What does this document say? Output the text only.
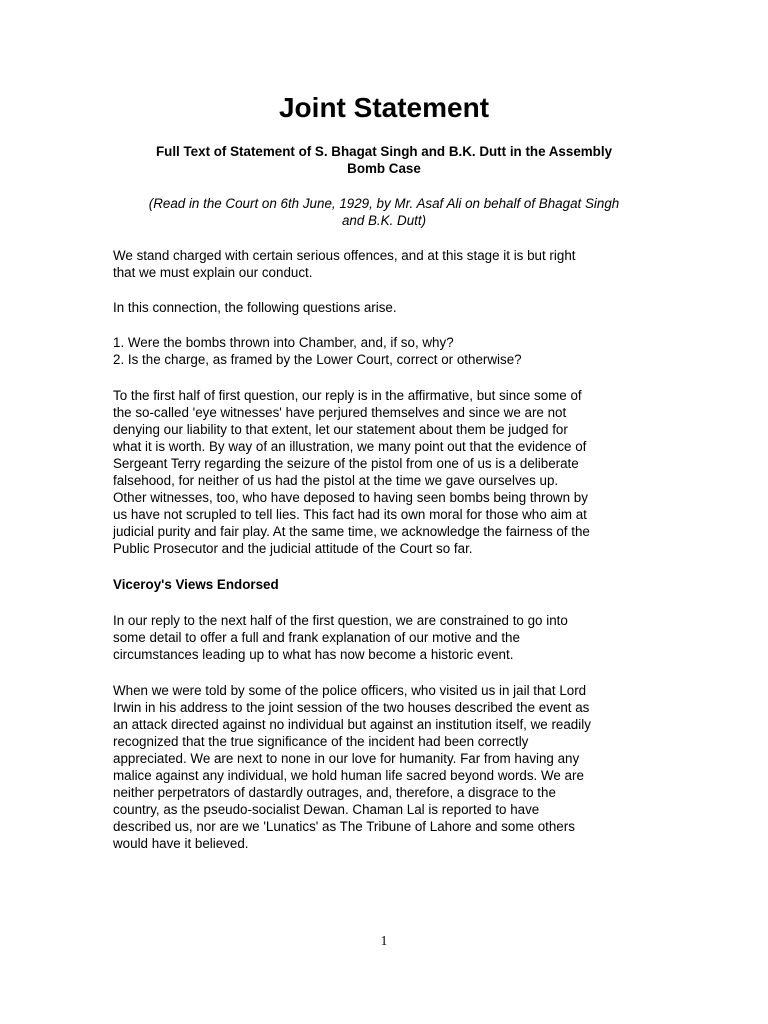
Joint Statement

Full Text of Statement of S. Bhagat Singh and B.K. Dutt in the Assembly
Bomb Case

(Read in the Court on 6th June, 1929, by Mr. Asaf Ali on behalf of Bhagat Singh
and B.K. Dutt)

We stand charged with certain serious offences, and at this stage it is but right
that we must explain our conduct.

In this connection, the following questions arise.

1. Were the bombs thrown into Chamber, and, if so, why?
2. Is the charge, as framed by the Lower Court, correct or otherwise?

To the first half of first question, our reply is in the affirmative, but since some of
the so-called 'eye witnesses' have perjured themselves and since we are not
denying our liability to that extent, let our statement about them be judged for
what it is worth. By way of an illustration, we many point out that the evidence of
Sergeant Terry regarding the seizure of the pistol from one of us is a deliberate
falsehood, for neither of us had the pistol at the time we gave ourselves up.
Other witnesses, too, who have deposed to having seen bombs being thrown by
us have not scrupled to tell lies. This fact had its own moral for those who aim at
judicial purity and fair play. At the same time, we acknowledge the fairness of the
Public Prosecutor and the judicial attitude of the Court so far.

Viceroy's Views Endorsed

In our reply to the next half of the first question, we are constrained to go into
some detail to offer a full and frank explanation of our motive and the
circumstances leading up to what has now become a historic event.

When we were told by some of the police officers, who visited us in jail that Lord
Irwin in his address to the joint session of the two houses described the event as
an attack directed against no individual but against an institution itself, we readily
recognized that the true significance of the incident had been correctly
appreciated. We are next to none in our love for humanity. Far from having any
malice against any individual, we hold human life sacred beyond words. We are
neither perpetrators of dastardly outrages, and, therefore, a disgrace to the
country, as the pseudo-socialist Dewan. Chaman Lal is reported to have
described us, nor are we 'Lunatics' as The Tribune of Lahore and some others
would have it believed.

1
